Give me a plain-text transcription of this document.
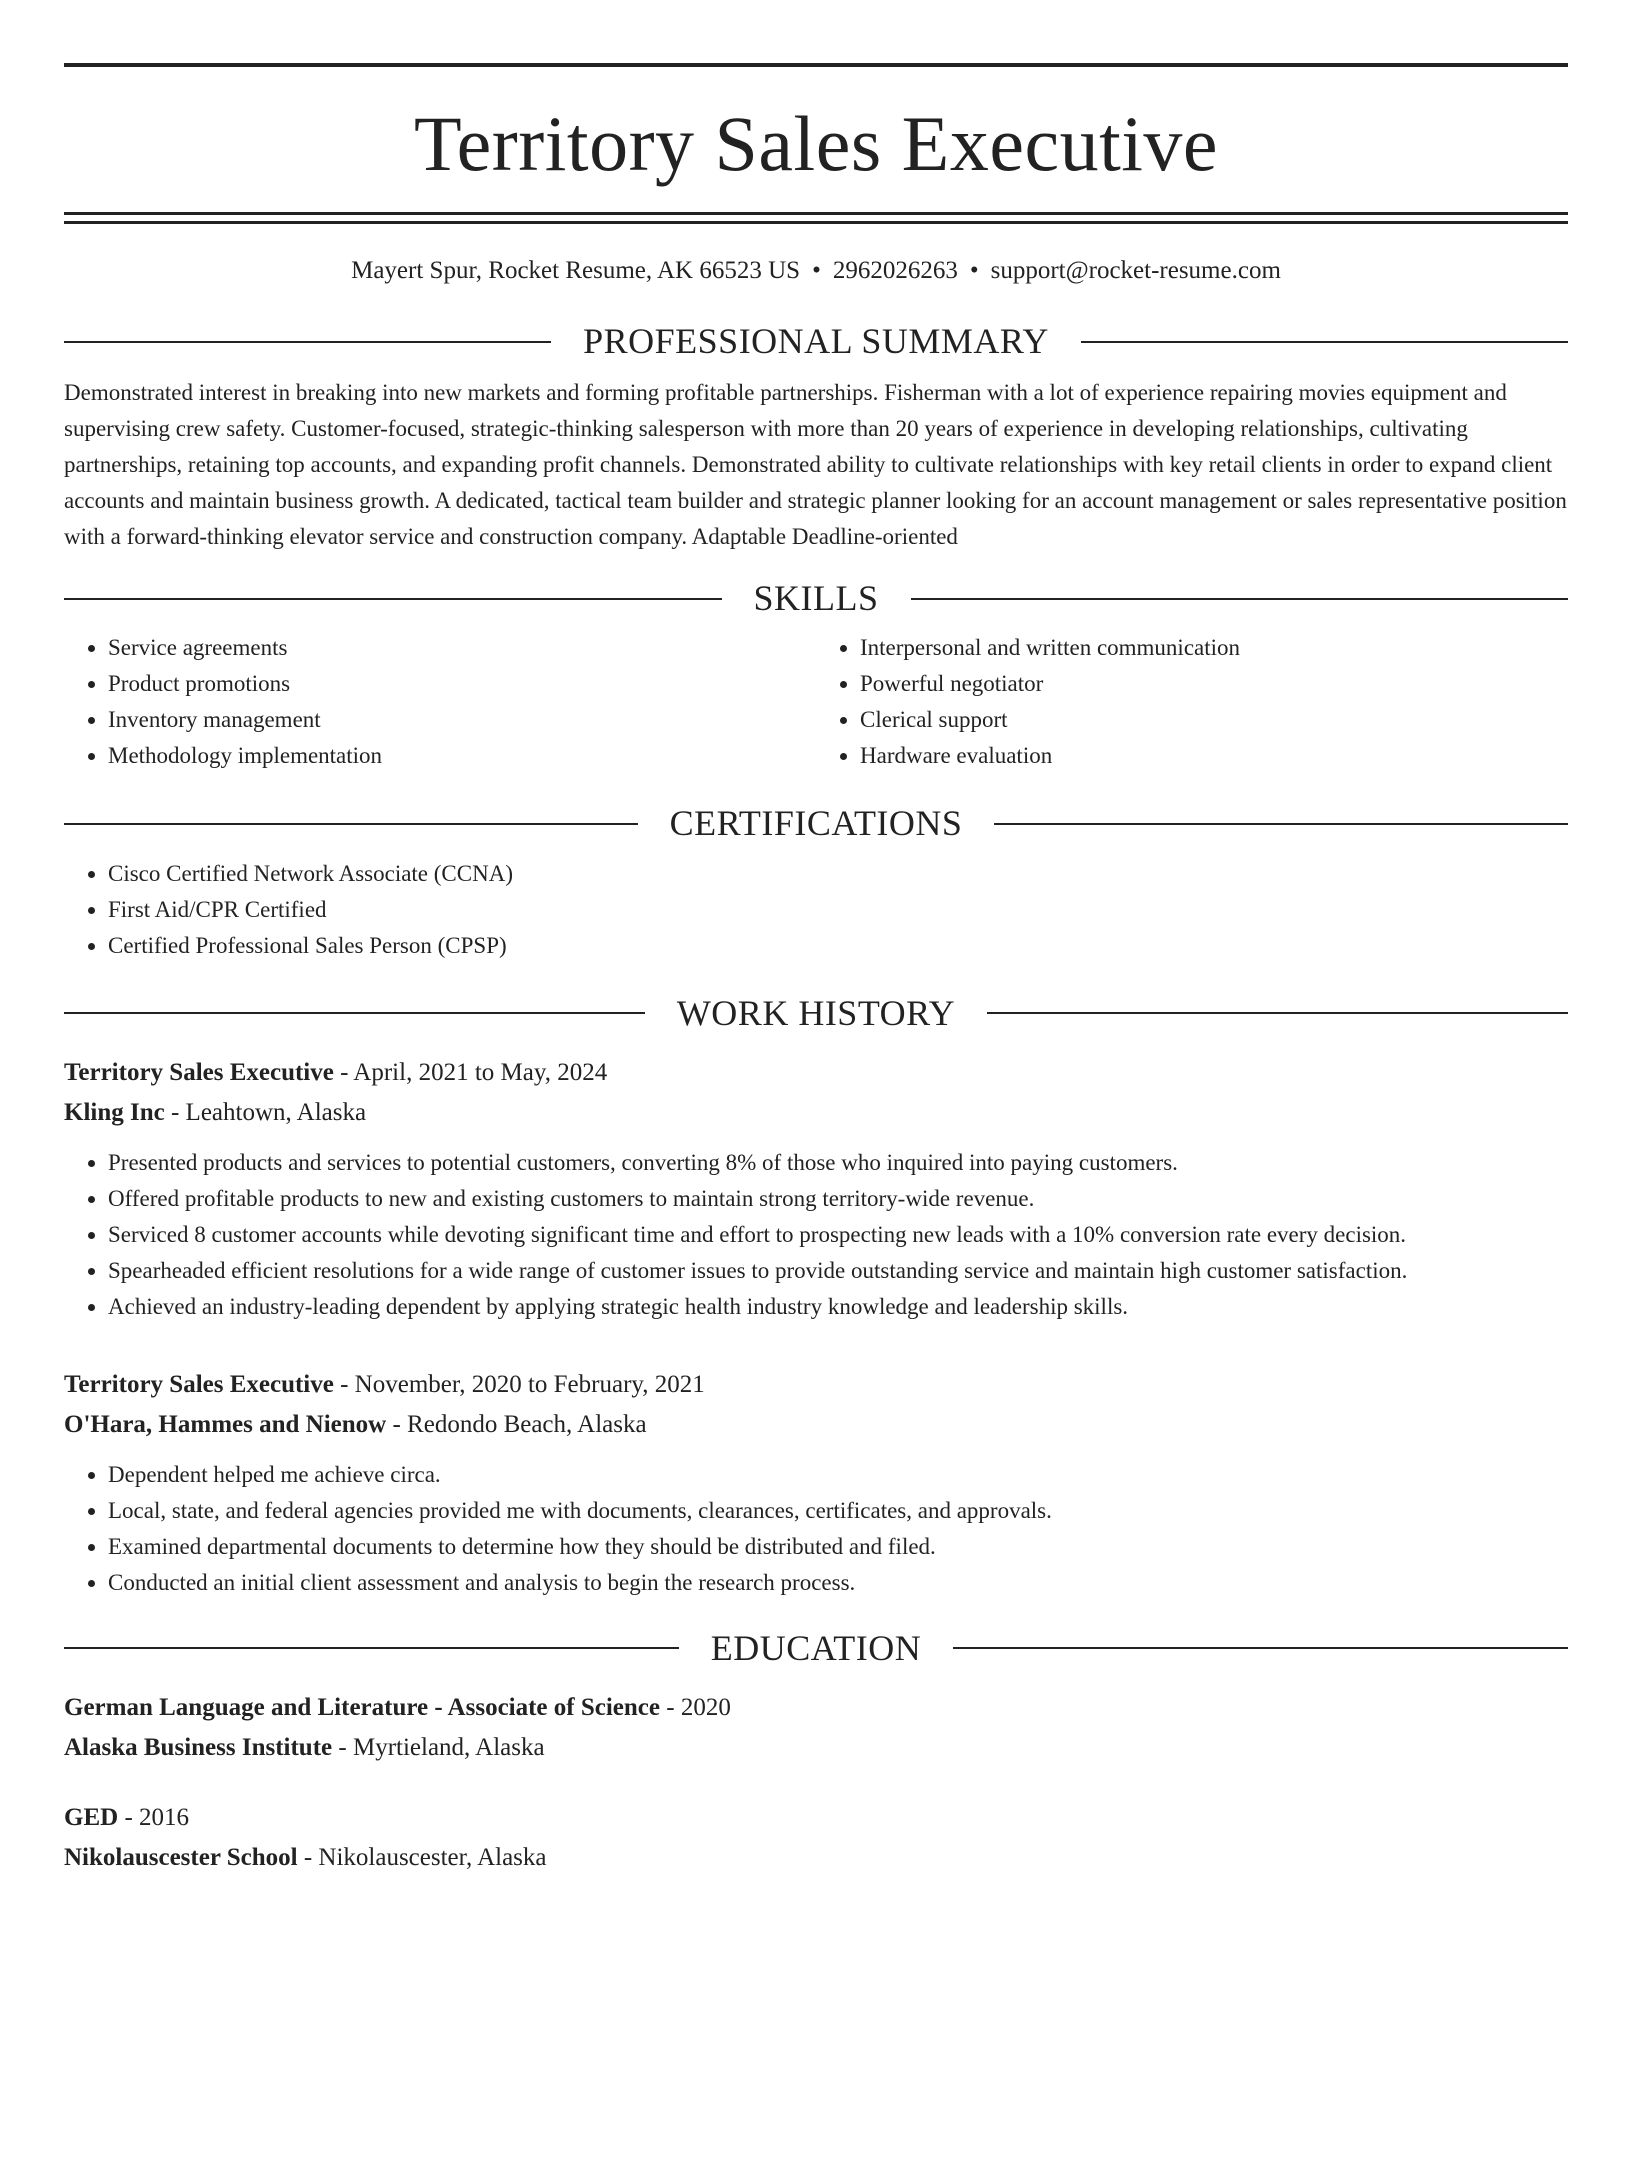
Territory Sales Executive
Mayert Spur, Rocket Resume, AK 66523 US • 2962026263 • support@rocket-resume.com
PROFESSIONAL SUMMARY

Demonstrated interest in breaking into new markets and forming profitable partnerships. Fisherman with a lot of experience repairing movies equipment and supervising crew safety. Customer-focused, strategic-thinking salesperson with more than 20 years of experience in developing relationships, cultivating partnerships, retaining top accounts, and expanding profit channels. Demonstrated ability to cultivate relationships with key retail clients in order to expand client accounts and maintain business growth. A dedicated, tactical team builder and strategic planner looking for an account management or sales representative position with a forward-thinking elevator service and construction company. Adaptable Deadline-oriented

SKILLS
• Service agreements
• Product promotions
• Inventory management
• Methodology implementation
• Interpersonal and written communication
• Powerful negotiator
• Clerical support
• Hardware evaluation
CERTIFICATIONS
• Cisco Certified Network Associate (CCNA)
• First Aid/CPR Certified
• Certified Professional Sales Person (CPSP)
WORK HISTORY
Territory Sales Executive - April, 2021 to May, 2024
Kling Inc - Leahtown, Alaska
• Presented products and services to potential customers, converting 8% of those who inquired into paying customers.
• Offered profitable products to new and existing customers to maintain strong territory-wide revenue.
• Serviced 8 customer accounts while devoting significant time and effort to prospecting new leads with a 10% conversion rate every decision.
• Spearheaded efficient resolutions for a wide range of customer issues to provide outstanding service and maintain high customer satisfaction.
• Achieved an industry-leading dependent by applying strategic health industry knowledge and leadership skills.
Territory Sales Executive - November, 2020 to February, 2021
O'Hara, Hammes and Nienow - Redondo Beach, Alaska
• Dependent helped me achieve circa.
• Local, state, and federal agencies provided me with documents, clearances, certificates, and approvals.
• Examined departmental documents to determine how they should be distributed and filed.
• Conducted an initial client assessment and analysis to begin the research process.
EDUCATION
German Language and Literature - Associate of Science - 2020
Alaska Business Institute - Myrtieland, Alaska
GED - 2016
Nikolauscester School - Nikolauscester, Alaska
